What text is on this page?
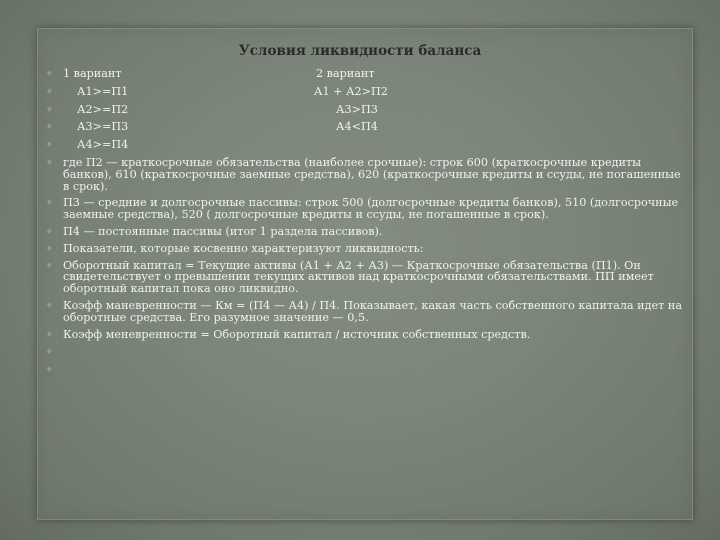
Условия ликвидности баланса
✧
1 вариант	2 вариант
✧
А1>=П1	А1 + А2>П2
✧
А2>=П2	А3>П3
✧
А3>=П3	А4<П4
✧
А4>=П4
✧
где П2 — краткосрочные обязательства (наиболее срочные): строк 600 (краткосрочные кредиты банков), 610 (краткосрочные заемные средства), 620 (краткосрочные кредиты и ссуды, не погашенные в срок).
✧
П3 — средние и долгосрочные пассивы: строк 500 (долгосрочные кредиты банков), 510 (долгосрочные заемные средства), 520 ( долгосрочные кредиты и ссуды, не погашенные в срок).
✧
П4 — постоянные пассивы (итог 1 раздела пассивов).
✧
Показатели, которые косвенно характеризуют ликвидность:
✧
Оборотный капитал = Текущие активы (А1 + А2 + А3) — Краткосрочные обязательства (П1). Он свидетельствует о превышении текущих активов над краткосрочными обязательствами. ПП имеет оборотный капитал пока оно ликвидно.
✧
Коэфф маневренности — Км = (П4 — А4) / П4. Показывает, какая часть собственного капитала идет на оборотные средства. Его разумное значение — 0,5.
✧
Коэфф меневренности = Оборотный капитал / источник собственных средств.
✧
✧
